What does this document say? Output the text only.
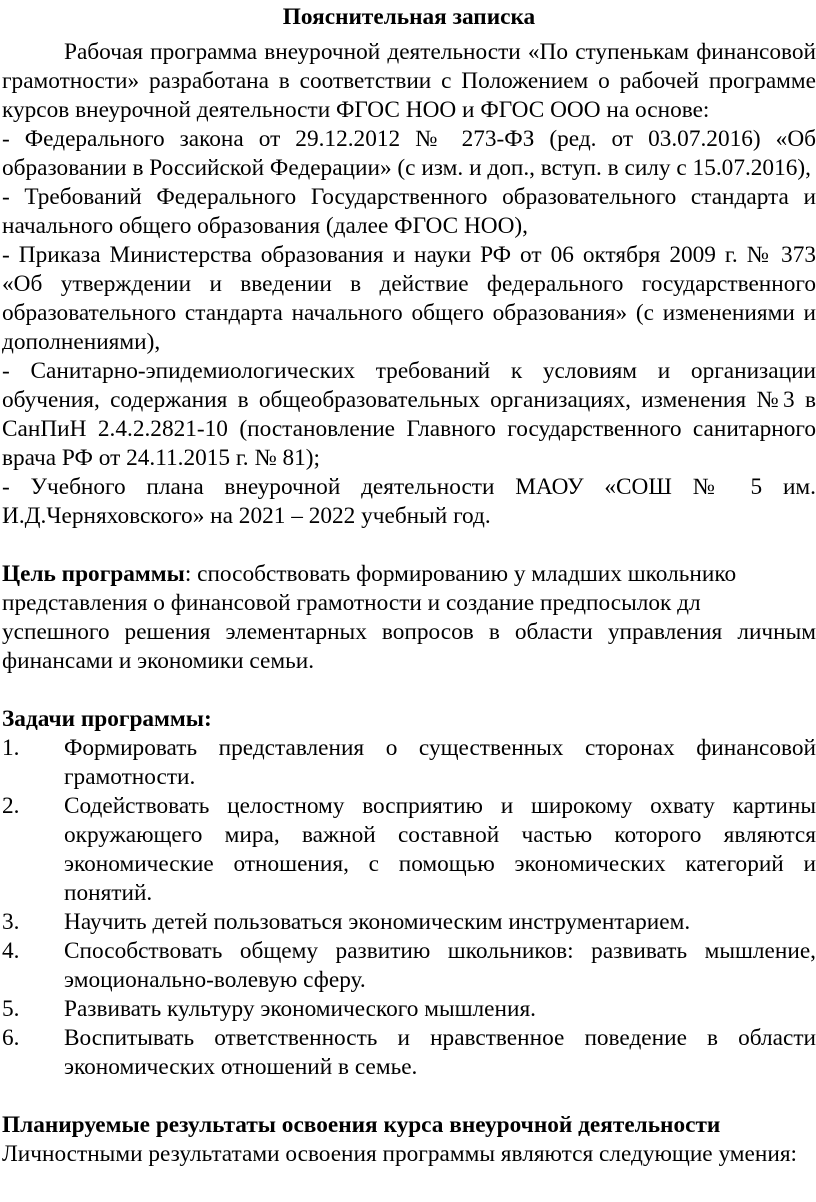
Пояснительная записка

Рабочая программа внеурочной деятельности «По ступенькам финансовой грамотности» разработана в соответствии с Положением о рабочей программе курсов внеурочной деятельности ФГОС НОО и ФГОС ООО на основе:

- Федерального закона от 29.12.2012 № 273-ФЗ (ред. от 03.07.2016) «Об образовании в Российской Федерации» (с изм. и доп., вступ. в силу с 15.07.2016),

- Требований Федерального Государственного образовательного стандарта и начального общего образования (далее ФГОС НОО),

- Приказа Министерства образования и науки РФ от 06 октября 2009 г. № 373 «Об утверждении и введении в действие федерального государственного образовательного стандарта начального общего образования» (с изменениями и дополнениями),

- Санитарно-эпидемиологических требований к условиям и организации обучения, содержания в общеобразовательных организациях, изменения №3 в СанПиН 2.4.2.2821-10 (постановление Главного государственного санитарного врача РФ от 24.11.2015 г. № 81);

- Учебного плана внеурочной деятельности МАОУ «СОШ № 5 им. И.Д.Черняховского» на 2021 – 2022 учебный год.

Цель программы: способствовать формированию у младших школьнико

представления о финансовой грамотности и создание предпосылок дл

успешного решения элементарных вопросов в области управления личным финансами и экономики семьи.

Задачи программы:

1.	Формировать представления о существенных сторонах финансовой грамотности.
2.	Содействовать целостному восприятию и широкому охвату картины окружающего мира, важной составной частью которого являются экономические отношения, с помощью экономических категорий и понятий.
3.	Научить детей пользоваться экономическим инструментарием.
4.	Способствовать общему развитию школьников: развивать мышление, эмоционально-волевую сферу.
5.	Развивать культуру экономического мышления.
6.	Воспитывать ответственность и нравственное поведение в области экономических отношений в семье.

Планируемые результаты освоения курса внеурочной деятельности

Личностными результатами освоения программы являются следующие умения:
